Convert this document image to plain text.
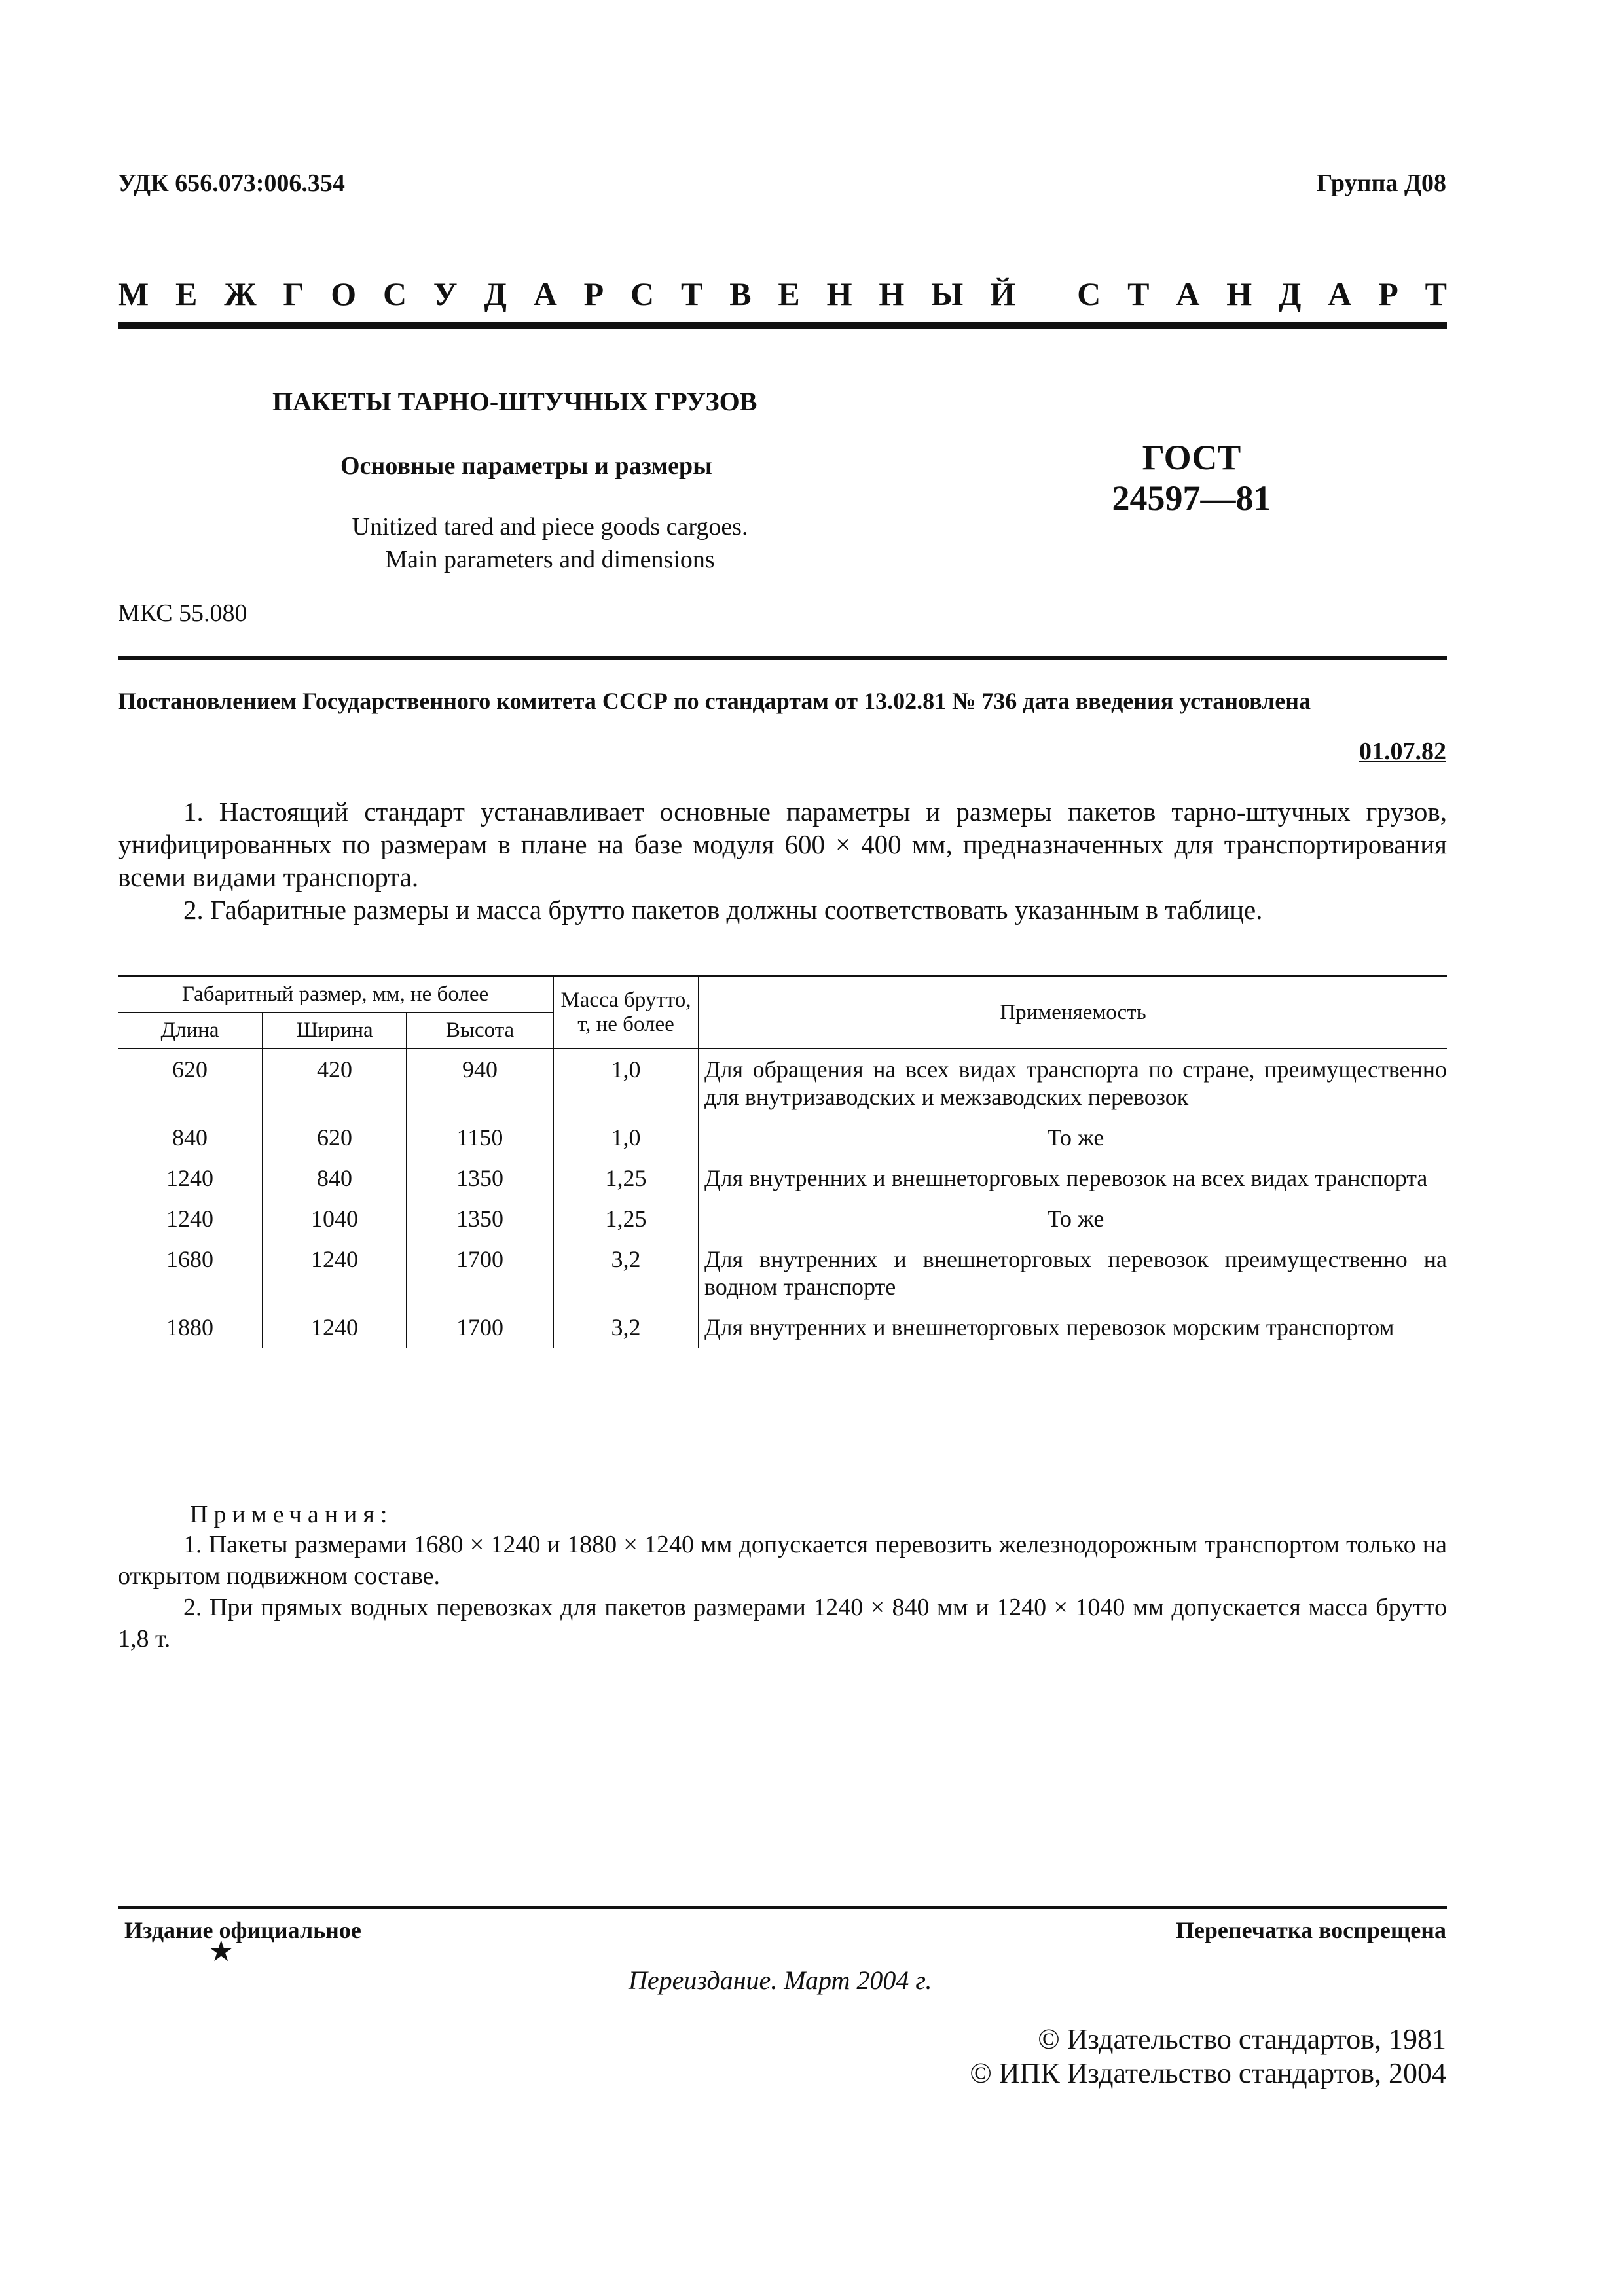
УДК 656.073:006.354	Группа Д08
М Е Ж Г О С У Д А Р С Т В Е Н Н Ы Й
С Т А Н Д А Р Т
ПАКЕТЫ ТАРНО-ШТУЧНЫХ ГРУЗОВ
Основные параметры и размеры
Unitized tared and piece goods cargoes.
Main parameters and dimensions
ГОСТ
24597—81
МКС 55.080
Постановлением Государственного комитета СССР по стандартам от 13.02.81 № 736 дата введения установлена
01.07.82
1. Настоящий стандарт устанавливает основные параметры и размеры пакетов тарно-штучных грузов, унифицированных по размерам в плане на базе модуля 600 × 400 мм, предназначенных для транспортирования всеми видами транспорта.
2. Габаритные размеры и масса брутто пакетов должны соответствовать указанным в таблице.
Габаритный размер, мм, не более			Масса брутто, т, не более	Применяемость
Длина	Ширина	Высота		
620	420	940	1,0	Для обращения на всех видах транспорта по стране, преимущественно для внутризаводских и межзаводских перевозок
840	620	1150	1,0	То же
1240	840	1350	1,25	Для внутренних и внешнеторговых перевозок на всех видах транспорта
1240	1040	1350	1,25	То же
1680	1240	1700	3,2	Для внутренних и внешнеторговых перевозок преимущественно на водном транспорте
1880	1240	1700	3,2	Для внутренних и внешнеторговых перевозок морским транспортом
Примечания:
1. Пакеты размерами 1680 × 1240 и 1880 × 1240 мм допускается перевозить железнодорожным транспортом только на открытом подвижном составе.
2. При прямых водных перевозках для пакетов размерами 1240 × 840 мм и 1240 × 1040 мм допускается масса брутто 1,8 т.
Издание официальное
★
Перепечатка воспрещена
Переиздание. Март 2004 г.
© Издательство стандартов, 1981
© ИПК Издательство стандартов, 2004
